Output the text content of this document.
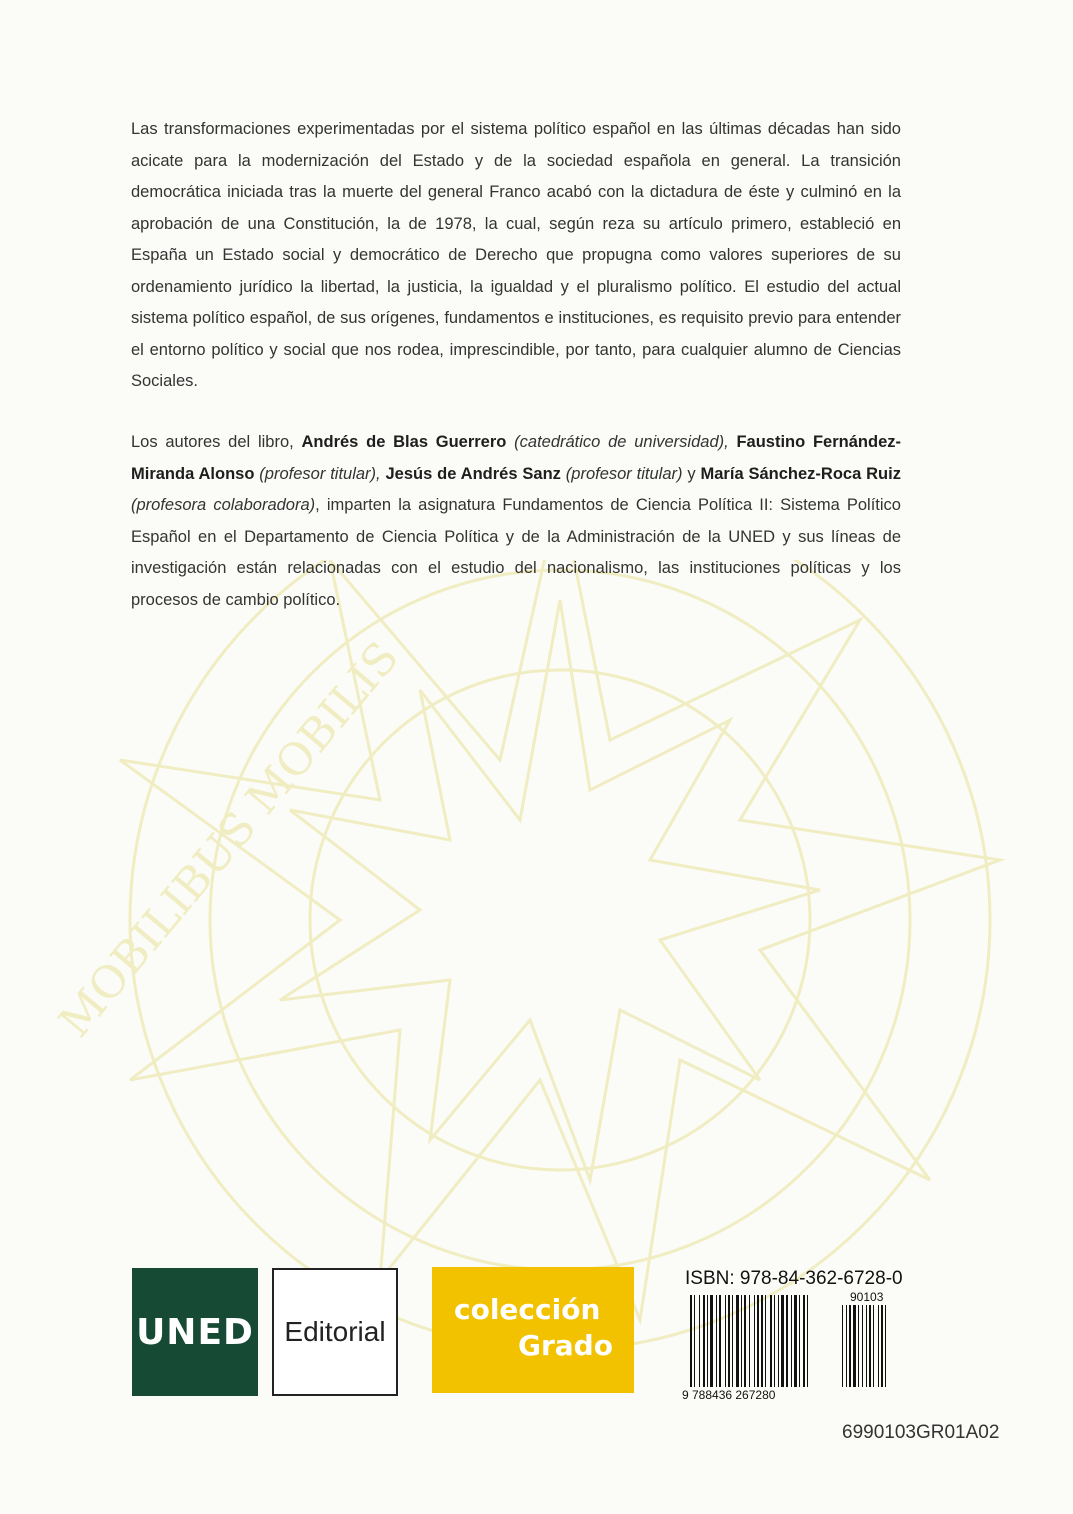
MOBILIBUS MOBILIS
Las transformaciones experimentadas por el sistema político español en las últimas décadas han sido acicate para la modernización del Estado y de la sociedad española en general. La transición democrática iniciada tras la muerte del general Franco acabó con la dictadura de éste y culminó en la aprobación de una Constitución, la de 1978, la cual, según reza su artículo primero, estableció en España un Estado social y democrático de Derecho que propugna como valores superiores de su ordenamiento jurídico la libertad, la justicia, la igualdad y el pluralismo político. El estudio del actual sistema político español, de sus orígenes, fundamentos e instituciones, es requisito previo para entender el entorno político y social que nos rodea, imprescindible, por tanto, para cualquier alumno de Ciencias Sociales.
Los autores del libro, Andrés de Blas Guerrero (catedrático de universidad), Faustino Fernández-Miranda Alonso (profesor titular), Jesús de Andrés Sanz (profesor titular) y María Sánchez-Roca Ruiz (profesora colaboradora), imparten la asignatura Fundamentos de Ciencia Política II: Sistema Político Español en el Departamento de Ciencia Política y de la Administración de la UNED y sus líneas de investigación están relacionadas con el estudio del nacionalismo, las instituciones políticas y los procesos de cambio político.
UNED	Editorial
colección
Grado
ISBN: 978-84-362-6728-0
90103
9 788436 267280
6990103GR01A02
